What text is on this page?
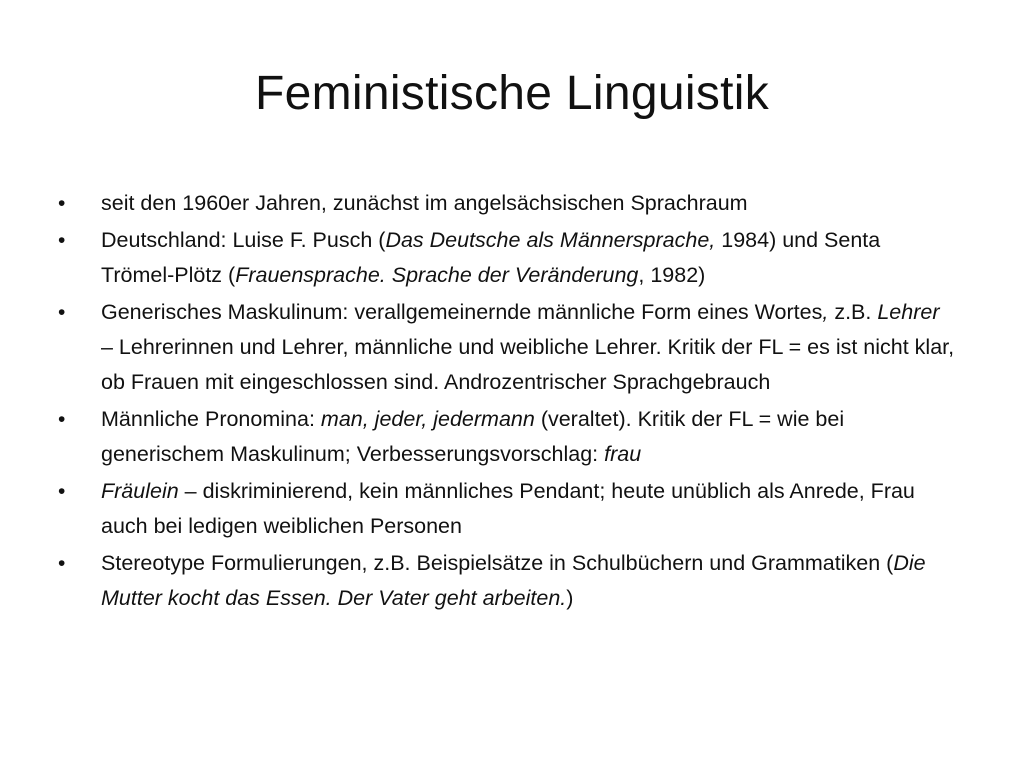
Feministische Linguistik
•	seit den 1960er Jahren, zunächst im angelsächsischen Sprachraum
•	Deutschland: Luise F. Pusch (Das Deutsche als Männersprache, 1984) und Senta Trömel-Plötz (Frauensprache. Sprache der Veränderung, 1982)
•	Generisches Maskulinum: verallgemeinernde männliche Form eines Wortes, z.B. Lehrer – Lehrerinnen und Lehrer, männliche und weibliche Lehrer. Kritik der FL = es ist nicht klar, ob Frauen mit eingeschlossen sind. Androzentrischer Sprachgebrauch
•	Männliche Pronomina: man, jeder, jedermann (veraltet). Kritik der FL = wie bei generischem Maskulinum; Verbesserungsvorschlag: frau
•	Fräulein – diskriminierend, kein männliches Pendant; heute unüblich als Anrede, Frau auch bei ledigen weiblichen Personen
•	Stereotype Formulierungen, z.B. Beispielsätze in Schulbüchern und Grammatiken (Die Mutter kocht das Essen. Der Vater geht arbeiten.)
